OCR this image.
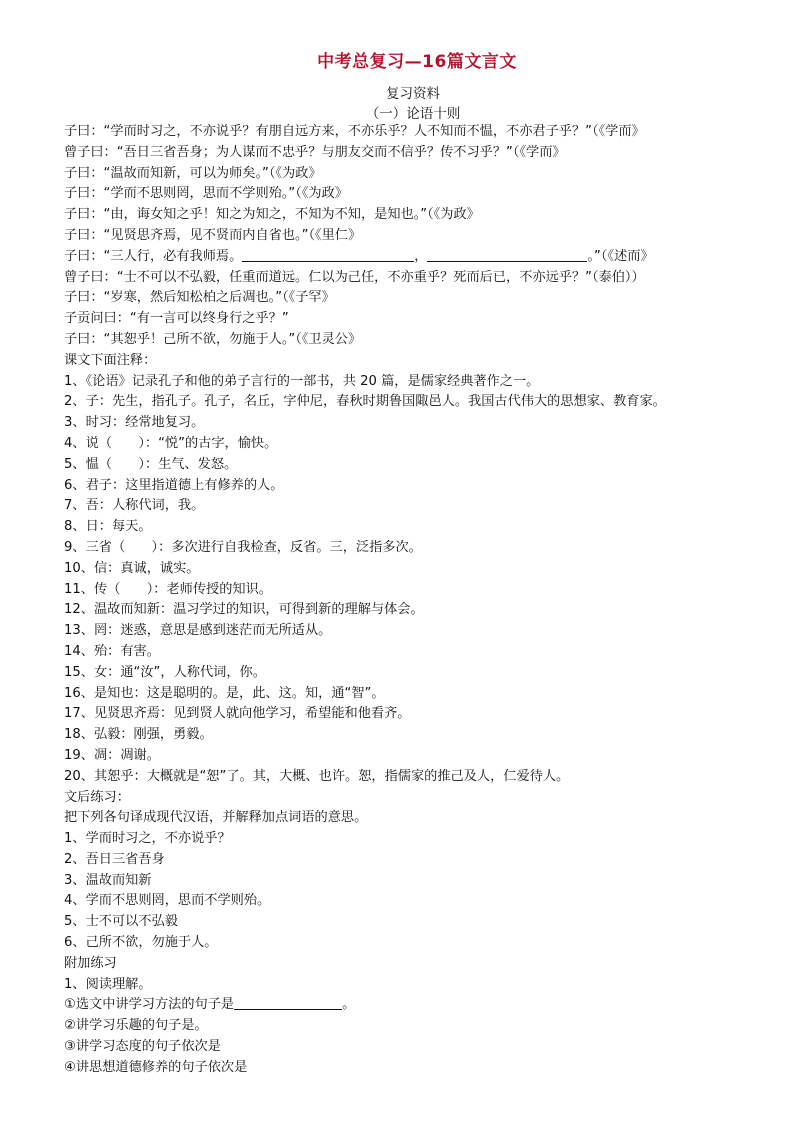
中考总复习—16篇文言文
复习资料
（一）论语十则
子曰：“学而时习之，不亦说乎？有朋自远方来，不亦乐乎？人不知而不愠，不亦君子乎？”（《学而》
曾子曰：“吾日三省吾身；为人谋而不忠乎？与朋友交而不信乎？传不习乎？”（《学而》
子曰：“温故而知新，可以为师矣。”（《为政》
子曰：“学而不思则罔，思而不学则殆。”（《为政》
子曰：“由，诲女知之乎！知之为知之，不知为不知，是知也。”（《为政》
子曰：“见贤思齐焉，见不贤而内自省也。”（《里仁》
子曰：“三人行，必有我师焉。	，	。”（《述而》
曾子曰：“士不可以不弘毅，任重而道远。仁以为己任，不亦重乎？死而后已，不亦远乎？”（泰伯））
子曰：“岁寒，然后知松柏之后凋也。”（《子罕》
子贡问曰：“有一言可以终身行之乎？”
子曰：“其恕乎！己所不欲，勿施于人。”（《卫灵公》
课文下面注释：
1、《论语》记录孔子和他的弟子言行的一部书，共 20 篇，是儒家经典著作之一。
2、子：先生，指孔子。孔子，名丘，字仲尼，春秋时期鲁国陬邑人。我国古代伟大的思想家、教育家。
3、时习：经常地复习。
4、说（　　）：“悦”的古字，愉快。
5、愠（　　）：生气、发怒。
6、君子：这里指道德上有修养的人。
7、吾：人称代词，我。
8、日：每天。
9、三省（　　）：多次进行自我检查，反省。三，泛指多次。
10、信：真诚，诚实。
11、传（　　）：老师传授的知识。
12、温故而知新：温习学过的知识，可得到新的理解与体会。
13、罔：迷惑，意思是感到迷茫而无所适从。
14、殆：有害。
15、女：通“汝”，人称代词，你。
16、是知也：这是聪明的。是，此、这。知，通“智”。
17、见贤思齐焉：见到贤人就向他学习，希望能和他看齐。
18、弘毅：刚强，勇毅。
19、凋：凋谢。
20、其恕乎：大概就是“恕”了。其，大概、也许。恕，指儒家的推己及人，仁爱待人。
文后练习：
把下列各句译成现代汉语，并解释加点词语的意思。
1、学而时习之，不亦说乎？
2、吾日三省吾身
3、温故而知新
4、学而不思则罔，思而不学则殆。
5、士不可以不弘毅
6、己所不欲，勿施于人。
附加练习
1、阅读理解。
①选文中讲学习方法的句子是	。
②讲学习乐趣的句子是。
③讲学习态度的句子依次是
④讲思想道德修养的句子依次是
